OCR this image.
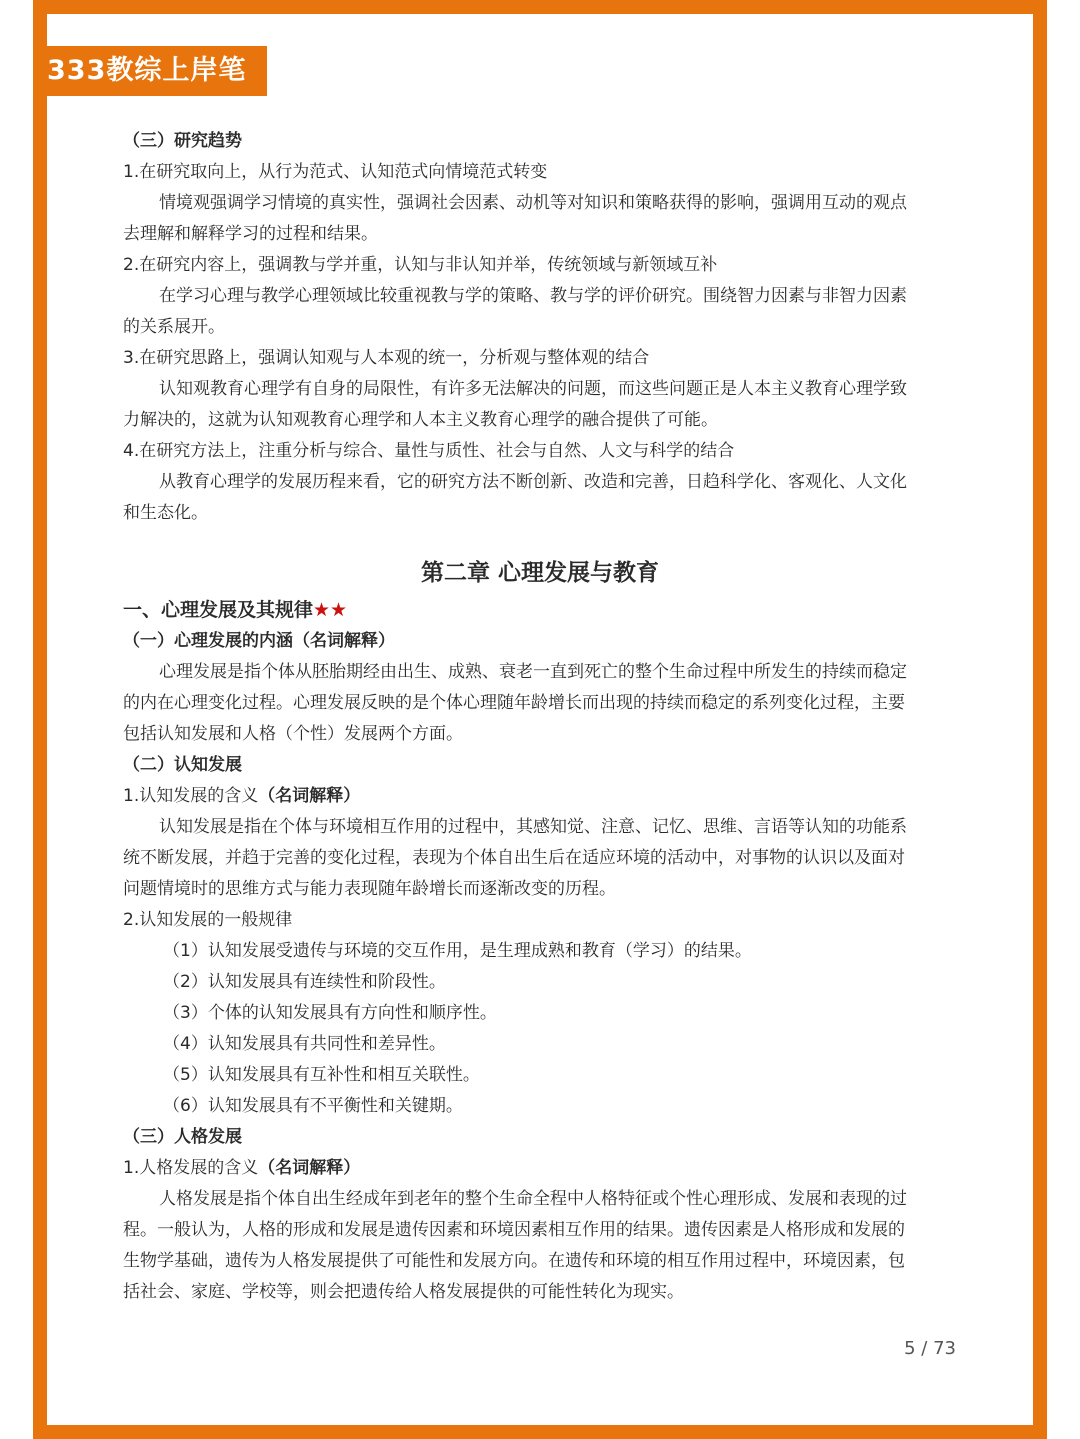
333教综上岸笔记

（三）研究趋势

1.在研究取向上，从行为范式、认知范式向情境范式转变

情境观强调学习情境的真实性，强调社会因素、动机等对知识和策略获得的影响，强调用互动的观点

去理解和解释学习的过程和结果。

2.在研究内容上，强调教与学并重，认知与非认知并举，传统领域与新领域互补

在学习心理与教学心理领域比较重视教与学的策略、教与学的评价研究。围绕智力因素与非智力因素

的关系展开。

3.在研究思路上，强调认知观与人本观的统一，分析观与整体观的结合

认知观教育心理学有自身的局限性，有许多无法解决的问题，而这些问题正是人本主义教育心理学致

力解决的，这就为认知观教育心理学和人本主义教育心理学的融合提供了可能。

4.在研究方法上，注重分析与综合、量性与质性、社会与自然、人文与科学的结合

从教育心理学的发展历程来看，它的研究方法不断创新、改造和完善，日趋科学化、客观化、人文化

和生态化。

第二章 心理发展与教育

一、心理发展及其规律★★

（一）心理发展的内涵（名词解释）

心理发展是指个体从胚胎期经由出生、成熟、衰老一直到死亡的整个生命过程中所发生的持续而稳定

的内在心理变化过程。心理发展反映的是个体心理随年龄增长而出现的持续而稳定的系列变化过程，主要

包括认知发展和人格（个性）发展两个方面。

（二）认知发展

1.认知发展的含义（名词解释）

认知发展是指在个体与环境相互作用的过程中，其感知觉、注意、记忆、思维、言语等认知的功能系

统不断发展，并趋于完善的变化过程，表现为个体自出生后在适应环境的活动中，对事物的认识以及面对

问题情境时的思维方式与能力表现随年龄增长而逐渐改变的历程。

2.认知发展的一般规律

（1）认知发展受遗传与环境的交互作用，是生理成熟和教育（学习）的结果。

（2）认知发展具有连续性和阶段性。

（3）个体的认知发展具有方向性和顺序性。

（4）认知发展具有共同性和差异性。

（5）认知发展具有互补性和相互关联性。

（6）认知发展具有不平衡性和关键期。

（三）人格发展

1.人格发展的含义（名词解释）

人格发展是指个体自出生经成年到老年的整个生命全程中人格特征或个性心理形成、发展和表现的过

程。一般认为，人格的形成和发展是遗传因素和环境因素相互作用的结果。遗传因素是人格形成和发展的

生物学基础，遗传为人格发展提供了可能性和发展方向。在遗传和环境的相互作用过程中，环境因素，包

括社会、家庭、学校等，则会把遗传给人格发展提供的可能性转化为现实。

5 / 73
